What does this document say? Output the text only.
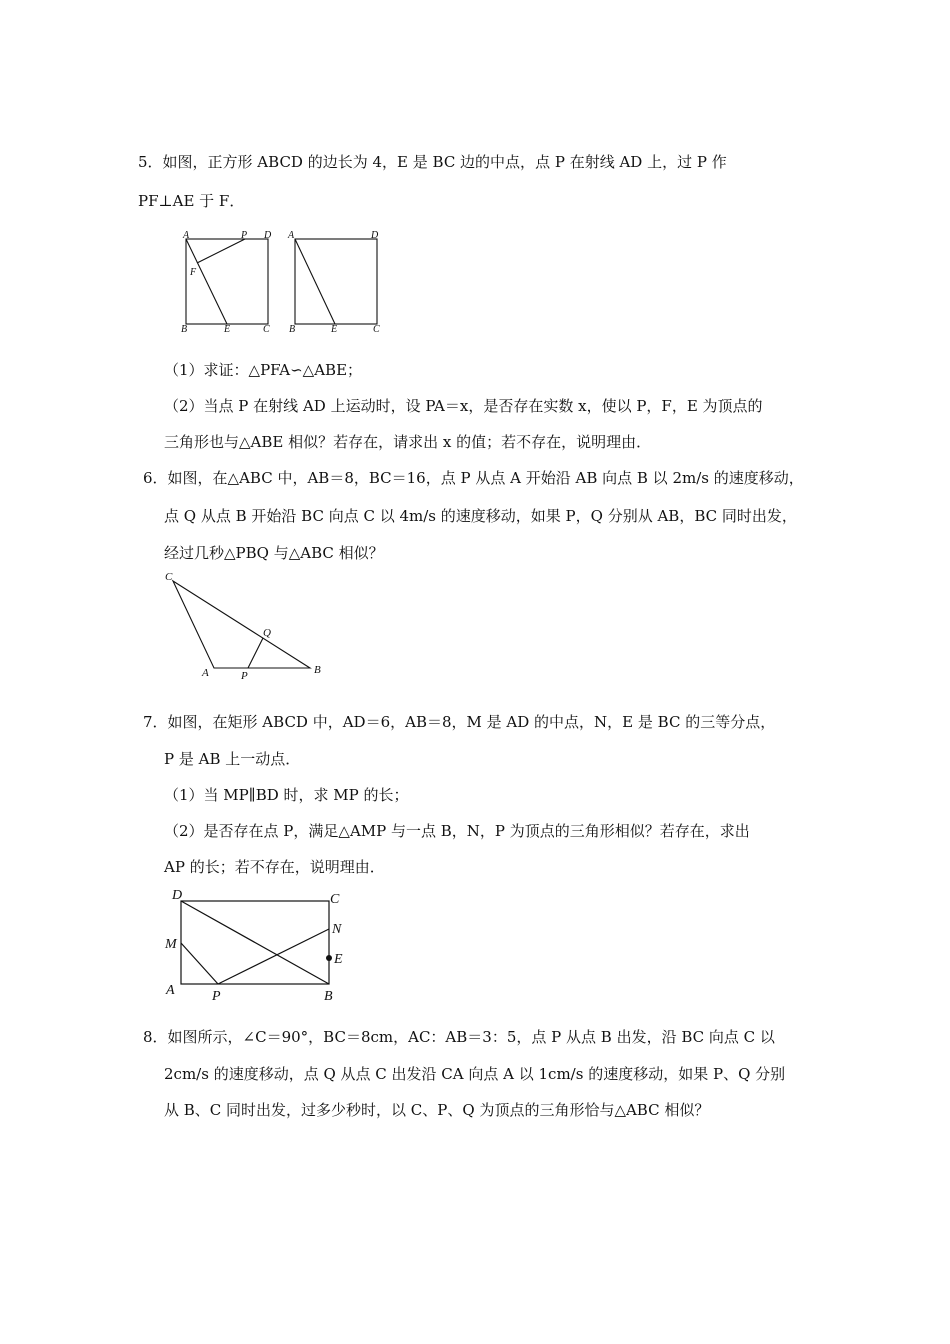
5．如图，正方形 ABCD 的边长为 4，E 是 BC 边的中点，点 P 在射线 AD 上，过 P 作
PF⊥AE 于 F．
A	P D
F
B	E	C
A	D
B	E	C
（1）求证：△PFA∽△ABE；
（2）当点 P 在射线 AD 上运动时，设 PA＝x，是否存在实数 x，使以 P，F，E 为顶点的
三角形也与△ABE 相似？若存在，请求出 x 的值；若不存在，说明理由．
6．如图，在△ABC 中，AB＝8，BC＝16，点 P 从点 A 开始沿 AB 向点 B 以 2m/s 的速度移动，
点 Q 从点 B 开始沿 BC 向点 C 以 4m/s 的速度移动，如果 P，Q 分别从 AB，BC 同时出发，
经过几秒△PBQ 与△ABC 相似？
C
Q
A	P	B
7．如图，在矩形 ABCD 中，AD＝6，AB＝8，M 是 AD 的中点，N，E 是 BC 的三等分点，
P 是 AB 上一动点．
（1）当 MP∥BD 时，求 MP 的长；
（2）是否存在点 P，满足△AMP 与一点 B，N，P 为顶点的三角形相似？若存在，求出
AP 的长；若不存在，说明理由．
D	C
M
N
E
A	P	B
8．如图所示，∠C＝90°，BC＝8cm，AC：AB＝3：5，点 P 从点 B 出发，沿 BC 向点 C 以
2cm/s 的速度移动，点 Q 从点 C 出发沿 CA 向点 A 以 1cm/s 的速度移动，如果 P、Q 分别
从 B、C 同时出发，过多少秒时，以 C、P、Q 为顶点的三角形恰与△ABC 相似？
